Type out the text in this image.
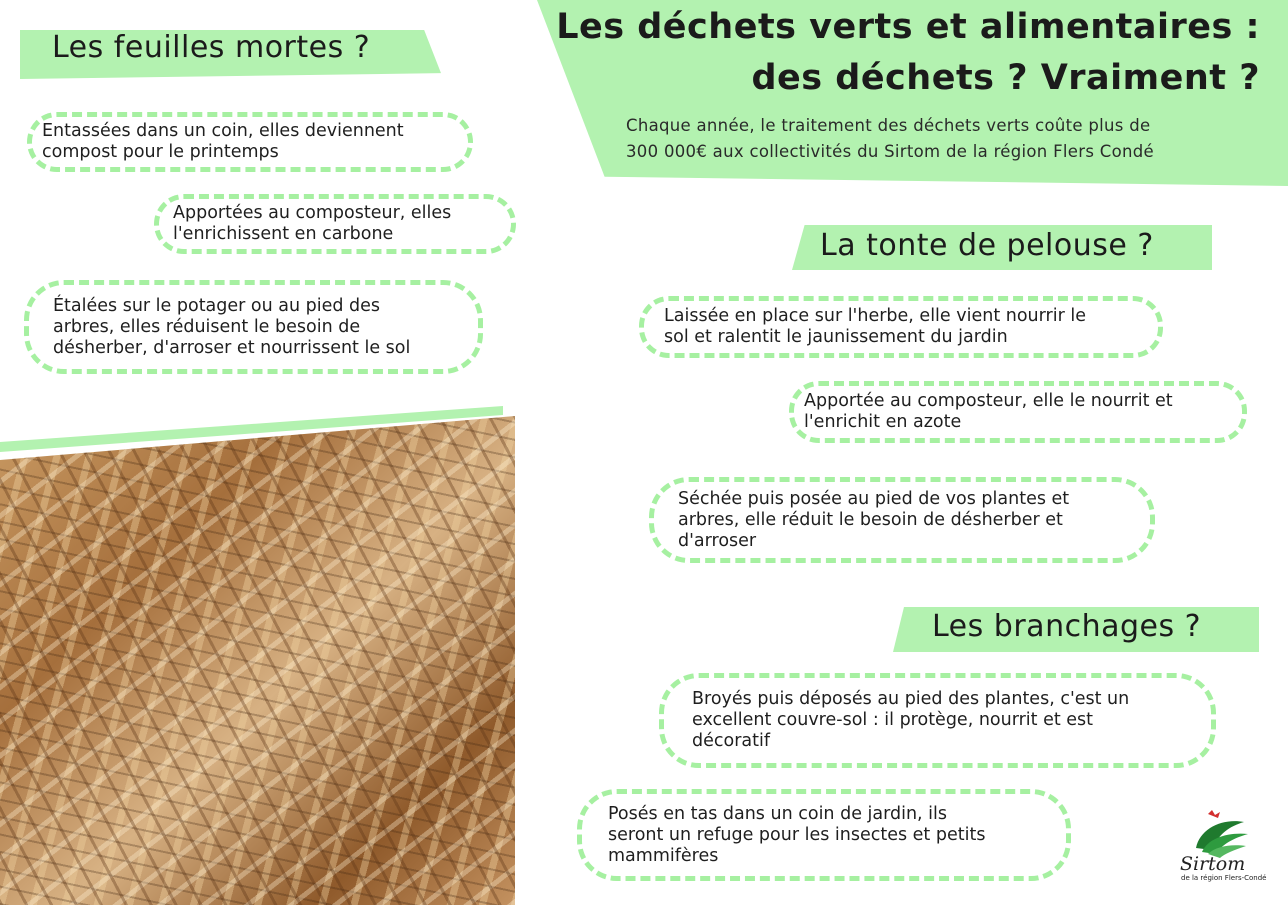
Les déchets verts et alimentaires :
des déchets ? Vraiment ?

Chaque année, le traitement des déchets verts coûte plus de
300 000€ aux collectivités du Sirtom de la région Flers Condé

Les feuilles mortes ?
Entassées dans un coin, elles deviennent
compost pour le printemps
Apportées au composteur, elles
l'enrichissent en carbone
Étalées sur le potager ou au pied des
arbres, elles réduisent le besoin de
désherber, d'arroser et nourrissent le sol
La tonte de pelouse ?
Laissée en place sur l'herbe, elle vient nourrir le
sol et ralentit le jaunissement du jardin
Apportée au composteur, elle le nourrit et
l'enrichit en azote
Séchée puis posée au pied de vos plantes et
arbres, elle réduit le besoin de désherber et
d'arroser
Les branchages ?
Broyés puis déposés au pied des plantes, c'est un
excellent couvre-sol : il protège, nourrit et est
décoratif
Posés en tas dans un coin de jardin, ils
seront un refuge pour les insectes et petits
mammifères	Sirtom
de la région Flers-Condé
